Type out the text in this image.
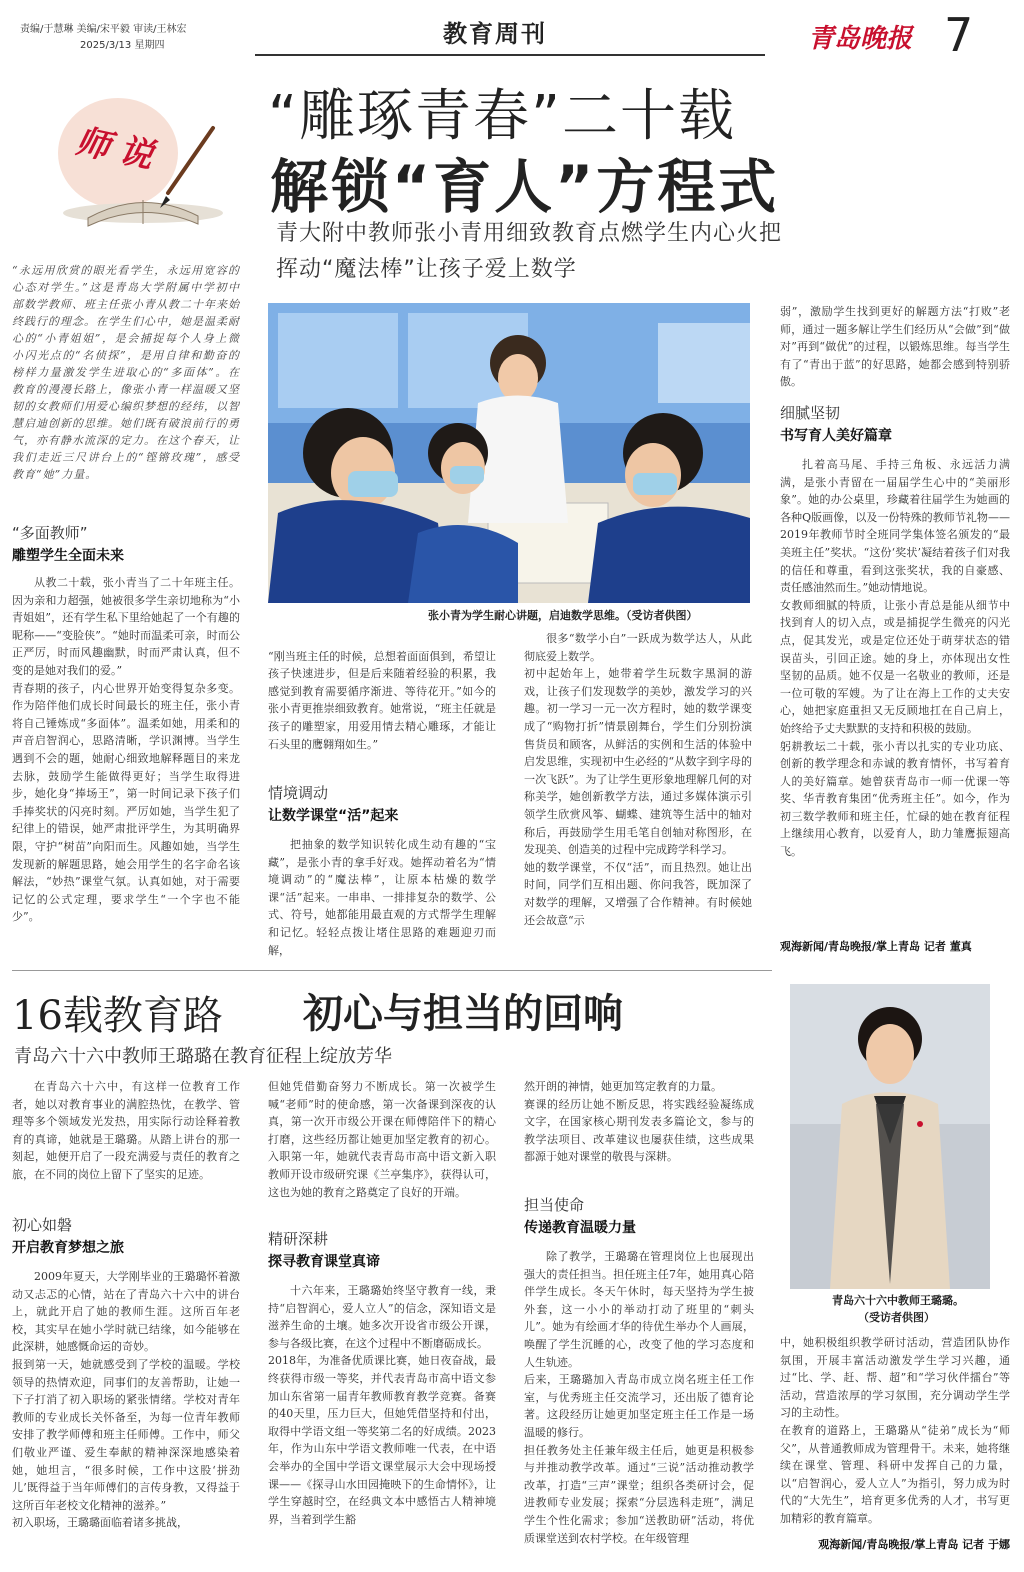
责编/于慧琳 美编/宋平毅 审读/王林宏
2025/3/13 星期四	教育周刊	青岛晚报 7
师说
“雕琢青春”二十载
解锁“育人”方程式
青大附中教师张小青用细致教育点燃学生内心火把
挥动“魔法棒”让孩子爱上数学
“永远用欣赏的眼光看学生，永远用宽容的心态对学生。”这是青岛大学附属中学初中部数学教师、班主任张小青从教二十年来始终践行的理念。在学生们心中，她是温柔耐心的“小青姐姐”，是会捕捉每个人身上微小闪光点的“名侦探”，是用自律和勤奋的榜样力量激发学生进取心的“多面体”。在教育的漫漫长路上，像张小青一样温暖又坚韧的女教师们用爱心编织梦想的经纬，以智慧启迪创新的思维。她们既有破浪前行的勇气，亦有静水流深的定力。在这个春天，让我们走近三尺讲台上的“铿锵玫瑰”，感受教育“她”力量。
“多面教师”
雕塑学生全面未来
从教二十载，张小青当了二十年班主任。因为亲和力超强，她被很多学生亲切地称为“小青姐姐”，还有学生私下里给她起了一个有趣的昵称——“变脸侠”。“她时而温柔可亲，时而公正严厉，时而风趣幽默，时而严肃认真，但不变的是她对我们的爱。”
青春期的孩子，内心世界开始变得复杂多变。作为陪伴他们成长时间最长的班主任，张小青将自己锤炼成“多面体”。温柔如她，用柔和的声音启智润心，思路清晰，学识渊博。当学生遇到不会的题，她耐心细致地解释题目的来龙去脉，鼓励学生能做得更好；当学生取得进步，她化身“捧场王”，第一时间记录下孩子们手捧奖状的闪亮时刻。严厉如她，当学生犯了纪律上的错误，她严肃批评学生，为其明确界限，守护“树苗”向阳而生。风趣如她，当学生发现新的解题思路，她会用学生的名字命名该解法，“妙热”课堂气氛。认真如她，对于需要记忆的公式定理，要求学生“一个字也不能少”。
张小青为学生耐心讲题，启迪数学思维。（受访者供图）

“刚当班主任的时候，总想着面面俱到，希望让孩子快速进步，但是后来随着经验的积累，我感觉到教育需要循序渐进、等待花开。”如今的张小青更推崇细致教育。她常说，“班主任就是孩子的雕塑家，用爱用情去精心雕琢，才能让石头里的鹰翱翔如生。”

情境调动
让数学课堂“活”起来
把抽象的数学知识转化成生动有趣的“宝藏”，是张小青的拿手好戏。她挥动着名为“情境调动”的“魔法棒”，让原本枯燥的数学课“活”起来。一串串、一排排复杂的数学、公式、符号，她都能用最直观的方式帮学生理解和记忆。轻轻点拨让堵住思路的难题迎刃而解，
很多“数学小白”一跃成为数学达人，从此彻底爱上数学。
初中起始年上，她带着学生玩数字黑洞的游戏，让孩子们发现数学的美妙，激发学习的兴趣。初一学习一元一次方程时，她的数学课变成了“购物打折”情景剧舞台，学生们分别扮演售货员和顾客，从鲜活的实例和生活的体验中启发思维，实现初中生必经的“从数字到字母的一次飞跃”。为了让学生更形象地理解几何的对称美学，她创新教学方法，通过多媒体演示引领学生欣赏风筝、蝴蝶、建筑等生活中的轴对称后，再鼓励学生用毛笔自创轴对称图形，在发现美、创造美的过程中完成跨学科学习。
她的数学课堂，不仅“活”，而且热烈。她让出时间，同学们互相出题、你问我答，既加深了对数学的理解，又增强了合作精神。有时候她还会故意“示
弱”，激励学生找到更好的解题方法“打败”老师，通过一题多解让学生们经历从“会做”到“做对”再到“做优”的过程，以锻炼思维。每当学生有了“青出于蓝”的好思路，她都会感到特别骄傲。
细腻坚韧
书写育人美好篇章
扎着高马尾、手持三角板、永远活力满满，是张小青留在一届届学生心中的“美丽形象”。她的办公桌里，珍藏着往届学生为她画的各种Q版画像，以及一份特殊的教师节礼物——2019年教师节时全班同学集体签名颁发的“最美班主任”奖状。“这份‘奖状’凝结着孩子们对我的信任和尊重，看到这张奖状，我的自豪感、责任感油然而生。”她动情地说。
女教师细腻的特质，让张小青总是能从细节中找到育人的切入点，或是捕捉学生微亮的闪光点，促其发光，或是定位还处于萌芽状态的错误苗头，引回正途。她的身上，亦体现出女性坚韧的品质。她不仅是一名敬业的教师，还是一位可敬的军嫂。为了让在海上工作的丈夫安心，她把家庭重担又无反顾地扛在自己肩上，始终给予丈夫默默的支持和积极的鼓励。
躬耕教坛二十载，张小青以扎实的专业功底、创新的教学理念和赤诚的教育情怀，书写着育人的美好篇章。她曾获青岛市一师一优课一等奖、华青教育集团“优秀班主任”。如今，作为初三数学教师和班主任，忙碌的她在教育征程上继续用心教育，以爱育人，助力雏鹰振翅高飞。
观海新闻/青岛晚报/掌上青岛 记者 董真
16载教育路 初心与担当的回响
青岛六十六中教师王璐璐在教育征程上绽放芳华
青岛六十六中教师王璐璐。
（受访者供图）
在青岛六十六中，有这样一位教育工作者，她以对教育事业的满腔热忱，在教学、管理等多个领域发光发热，用实际行动诠释着教育的真谛，她就是王璐璐。从踏上讲台的那一刻起，她便开启了一段充满爱与责任的教育之旅，在不同的岗位上留下了坚实的足迹。
初心如磐
开启教育梦想之旅
2009年夏天，大学刚毕业的王璐璐怀着激动又忐忑的心情，站在了青岛六十六中的讲台上，就此开启了她的教师生涯。这所百年老校，其实早在她小学时就已结缘，如今能够在此深耕，她感慨命运的奇妙。
报到第一天，她就感受到了学校的温暖。学校领导的热情欢迎，同事们的友善帮助，让她一下子打消了初入职场的紧张情绪。学校对青年教师的专业成长关怀备至，为每一位青年教师安排了教学师傅和班主任师傅。工作中，师父们敬业严谨、爱生奉献的精神深深地感染着她，她坦言，“很多时候，工作中这股‘拼劲儿’既得益于当年师傅们的言传身教，又得益于这所百年老校文化精神的滋养。”
初入职场，王璐璐面临着诸多挑战，
但她凭借勤奋努力不断成长。第一次被学生喊“老师”时的使命感，第一次备课到深夜的认真，第一次开市级公开课在师傅陪伴下的精心打磨，这些经历都让她更加坚定教育的初心。入职第一年，她就代表青岛市高中语文新入职教师开设市级研究课《兰亭集序》，获得认可，这也为她的教育之路奠定了良好的开端。
精研深耕
探寻教育课堂真谛
十六年来，王璐璐始终坚守教育一线，秉持“启智润心，爱人立人”的信念，深知语文是滋养生命的土壤。她多次开设省市级公开课，参与各级比赛，在这个过程中不断磨砺成长。
2018年，为准备优质课比赛，她日夜奋战，最终获得市级一等奖，并代表青岛市高中语文参加山东省第一届青年教师教育教学竞赛。备赛的40天里，压力巨大，但她凭借坚持和付出，取得中学语文组一等奖第二名的好成绩。2023年，作为山东中学语文教师唯一代表，在中语会举办的全国中学语文课堂展示大会中现场授课——《探寻山水田园掩映下的生命情怀》，让学生穿越时空，在经典文本中感悟古人精神境界，当着到学生豁
然开朗的神情，她更加笃定教育的力量。
赛课的经历让她不断反思，将实践经验凝练成文字，在国家核心期刊发表多篇论文，参与的教学法项目、改革建议也屡获佳绩，这些成果都源于她对课堂的敬畏与深耕。
担当使命
传递教育温暖力量
除了教学，王璐璐在管理岗位上也展现出强大的责任担当。担任班主任7年，她用真心陪伴学生成长。冬天午休时，每天坚持为学生披外套，这一小小的举动打动了班里的“刺头儿”。她为有绘画才华的待优生举办个人画展，唤醒了学生沉睡的心，改变了他的学习态度和人生轨迹。
后来，王璐璐加入青岛市成立岗名班主任工作室，与优秀班主任交流学习，还出版了德育论著。这段经历让她更加坚定班主任工作是一场温暖的修行。
担任教务处主任兼年级主任后，她更是积极参与并推动教学改革。通过“三说”活动推动教学改革，打造“三声”课堂；组织各类研讨会，促进教师专业发展；探索“分层选科走班”，满足学生个性化需求；参加“送教助研”活动，将优质课堂送到农村学校。在年级管理
中，她积极组织教学研讨活动，营造团队协作氛围，开展丰富活动激发学生学习兴趣，通过“比、学、赶、帮、超”和“学习伙伴擂台”等活动，营造浓厚的学习氛围，充分调动学生学习的主动性。
在教育的道路上，王璐璐从“徒弟”成长为“师父”，从普通教师成为管理骨干。未来，她将继续在课堂、管理、科研中发挥自己的力量，以“启智润心，爱人立人”为指引，努力成为时代的“大先生”，培育更多优秀的人才，书写更加精彩的教育篇章。
观海新闻/青岛晚报/掌上青岛 记者 于娜
